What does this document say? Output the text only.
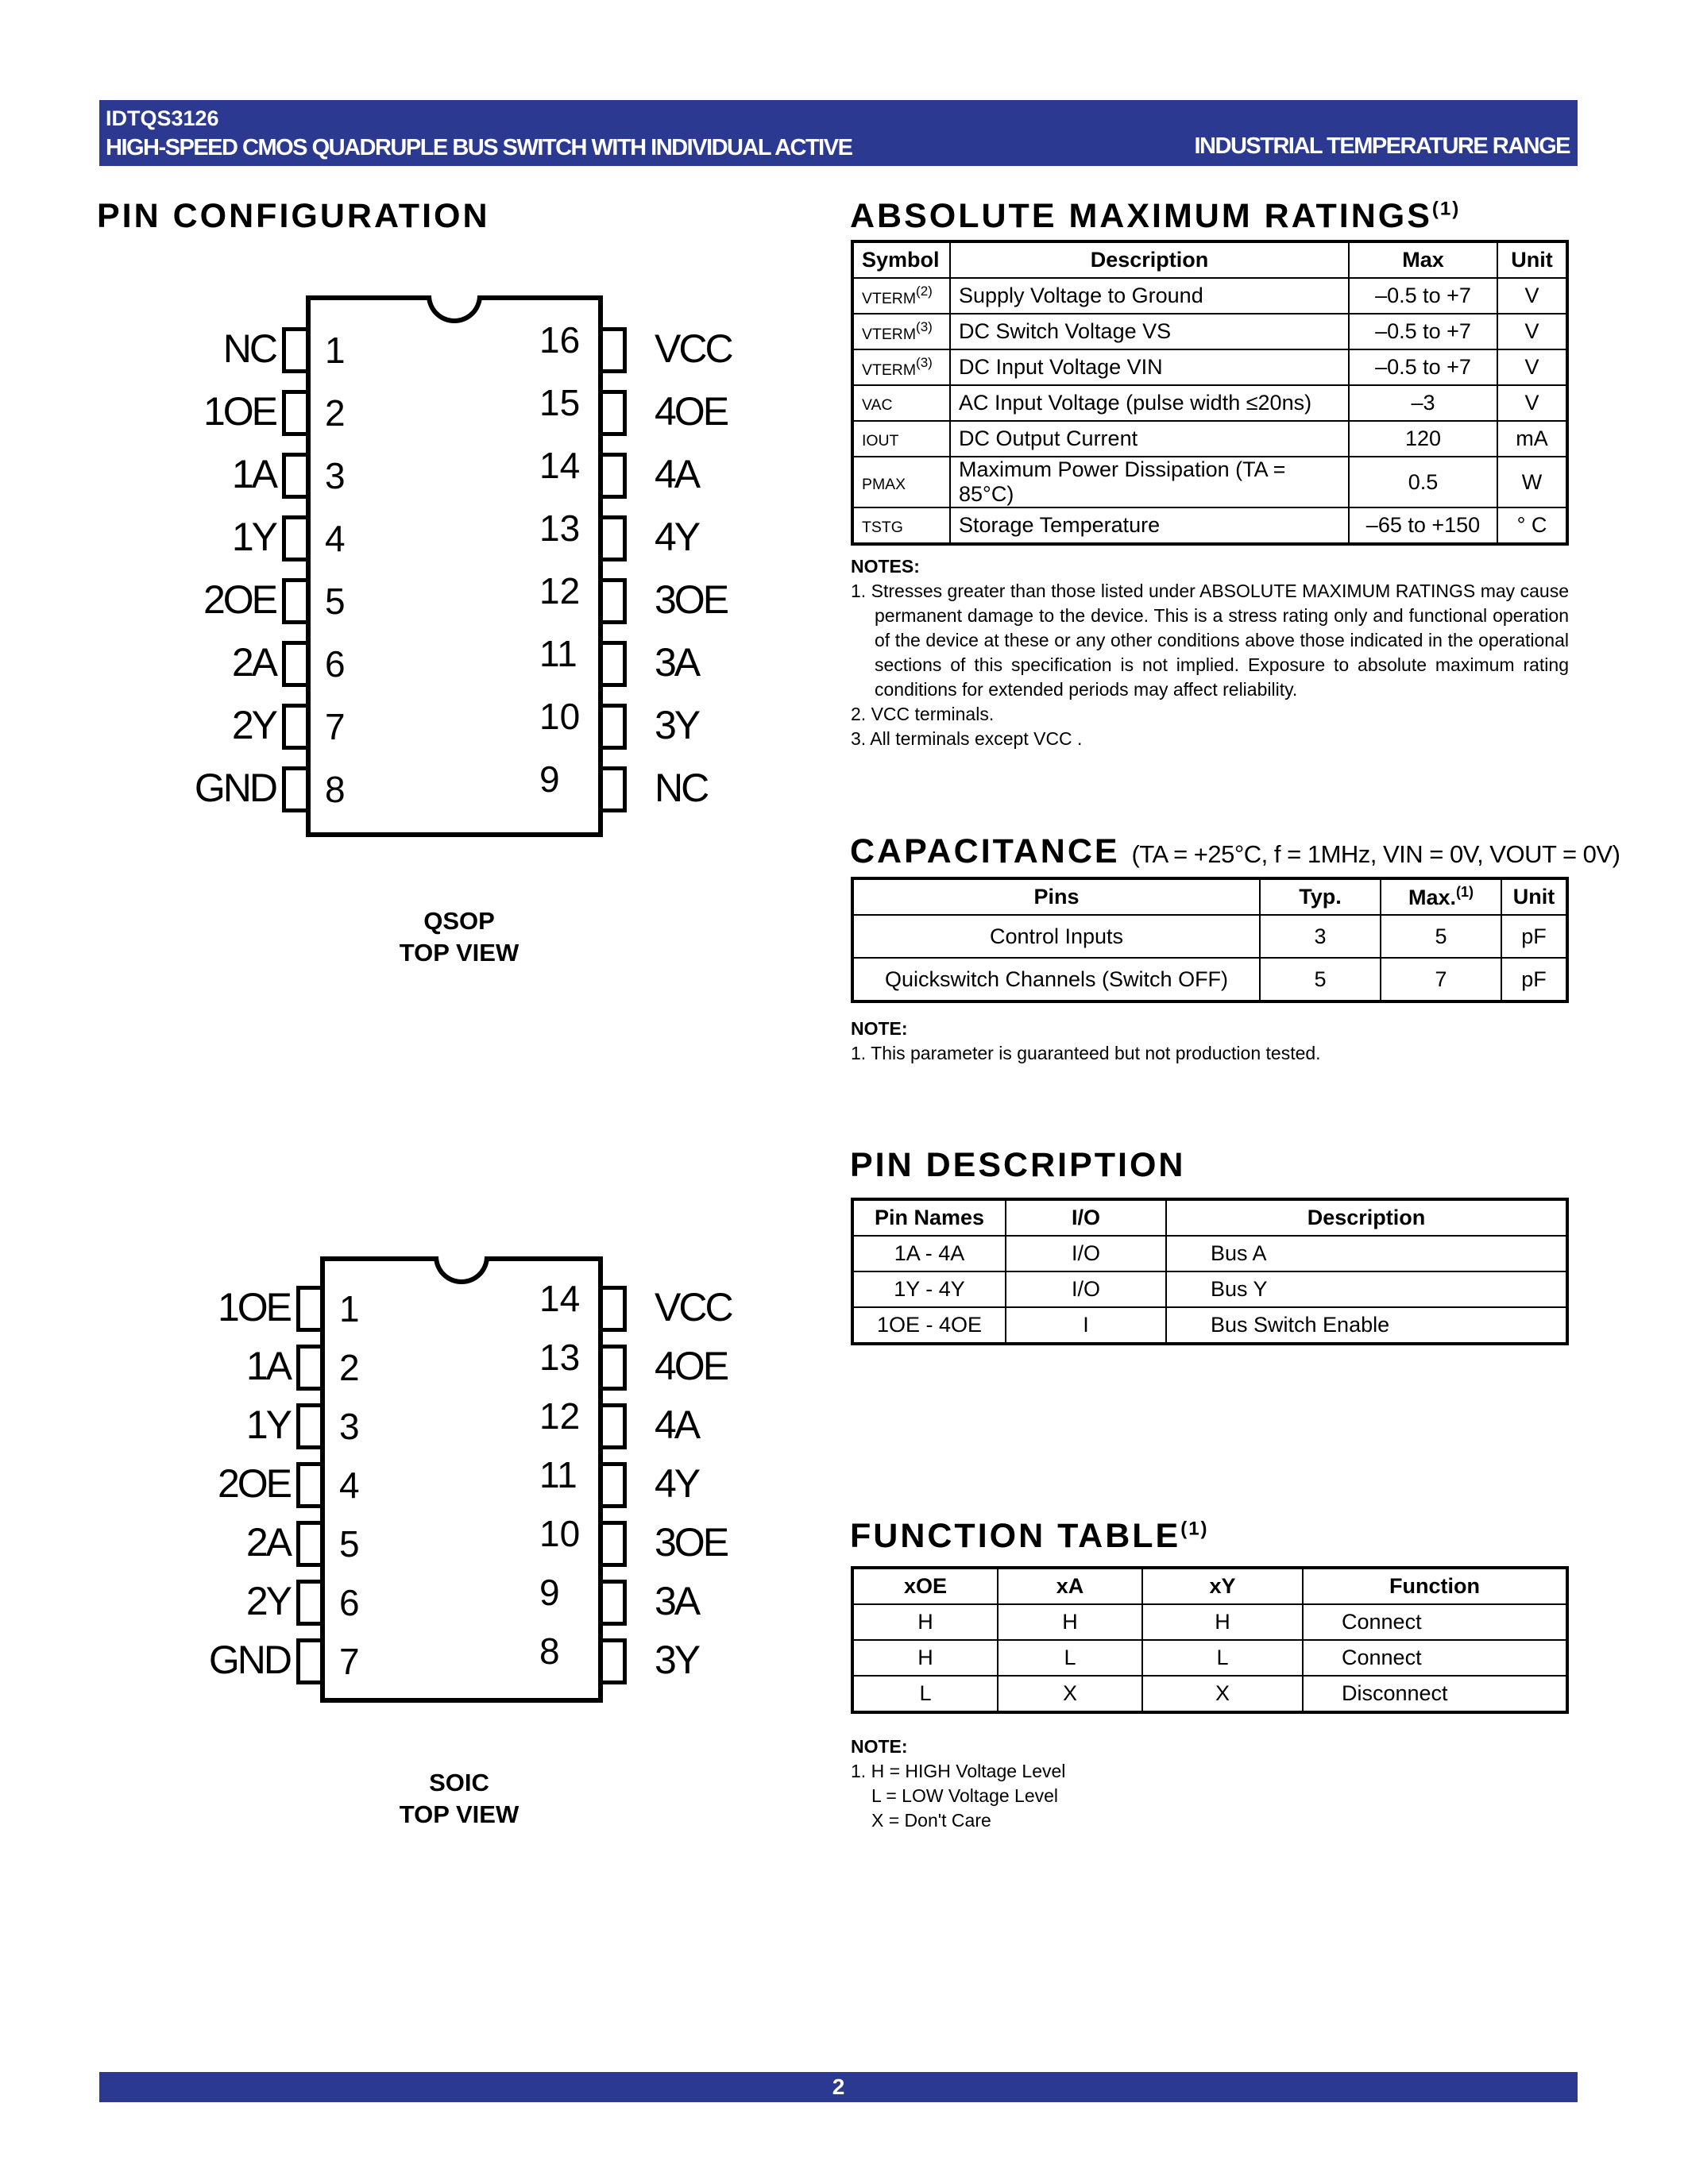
IDTQS3126
HIGH-SPEED CMOS QUADRUPLE BUS SWITCH WITH INDIVIDUAL ACTIVE	INDUSTRIAL TEMPERATURE RANGE
PIN CONFIGURATION
1
NC
2
1OE
3
1A
4
1Y
5
2OE
6
2A
7
2Y
8
GND
16 VCC
15 4OE
14 4A
13 4Y
12 3OE
11 3A
10 3Y
9 NC
QSOP
TOP VIEW
1
1OE
2
1A
3
1Y
4
2OE
5
2A
6
2Y
7
GND
14 VCC
13 4OE
12 4A
11 4Y
10 3OE
9 3A
8 3Y
SOIC
TOP VIEW
ABSOLUTE MAXIMUM RATINGS$^{(1)}$
Symbol	Description	Max	Unit
VTERM$^{(2)}$	Supply Voltage to Ground	–0.5 to +7	V
VTERM$^{(3)}$	DC Switch Voltage VS	–0.5 to +7	V
VTERM$^{(3)}$	DC Input Voltage VIN	–0.5 to +7	V
VAC	AC Input Voltage (pulse width ≤20ns)	–3	V
IOUT	DC Output Current	120	mA
PMAX	Maximum Power Dissipation (TA = 85°C)	0.5	W
TSTG	Storage Temperature	–65 to +150	° C

NOTES:

1. Stresses greater than those listed under ABSOLUTE MAXIMUM RATINGS may cause permanent damage to the device. This is a stress rating only and functional operation of the device at these or any other conditions above those indicated in the operational sections of this specification is not implied. Exposure to absolute maximum rating conditions for extended periods may affect reliability.

2. VCC terminals.

3. All terminals except VCC .

CAPACITANCE (TA = +25°C, f = 1MHz, VIN = 0V, VOUT = 0V)
Pins	Typ.	Max.$^{(1)}$	Unit
Control Inputs	3	5	pF
Quickswitch Channels (Switch OFF)	5	7	pF

NOTE:

1. This parameter is guaranteed but not production tested.

PIN DESCRIPTION
Pin Names	I/O	Description
1A - 4A	I/O	Bus A
1Y - 4Y	I/O	Bus Y
1OE - 4OE	I	Bus Switch Enable
FUNCTION TABLE$^{(1)}$
xOE	xA	xY	Function
H	H	H	Connect
H	L	L	Connect
L	X	X	Disconnect

NOTE:

1. H = HIGH Voltage Level

L = LOW Voltage Level

X = Don't Care

2
